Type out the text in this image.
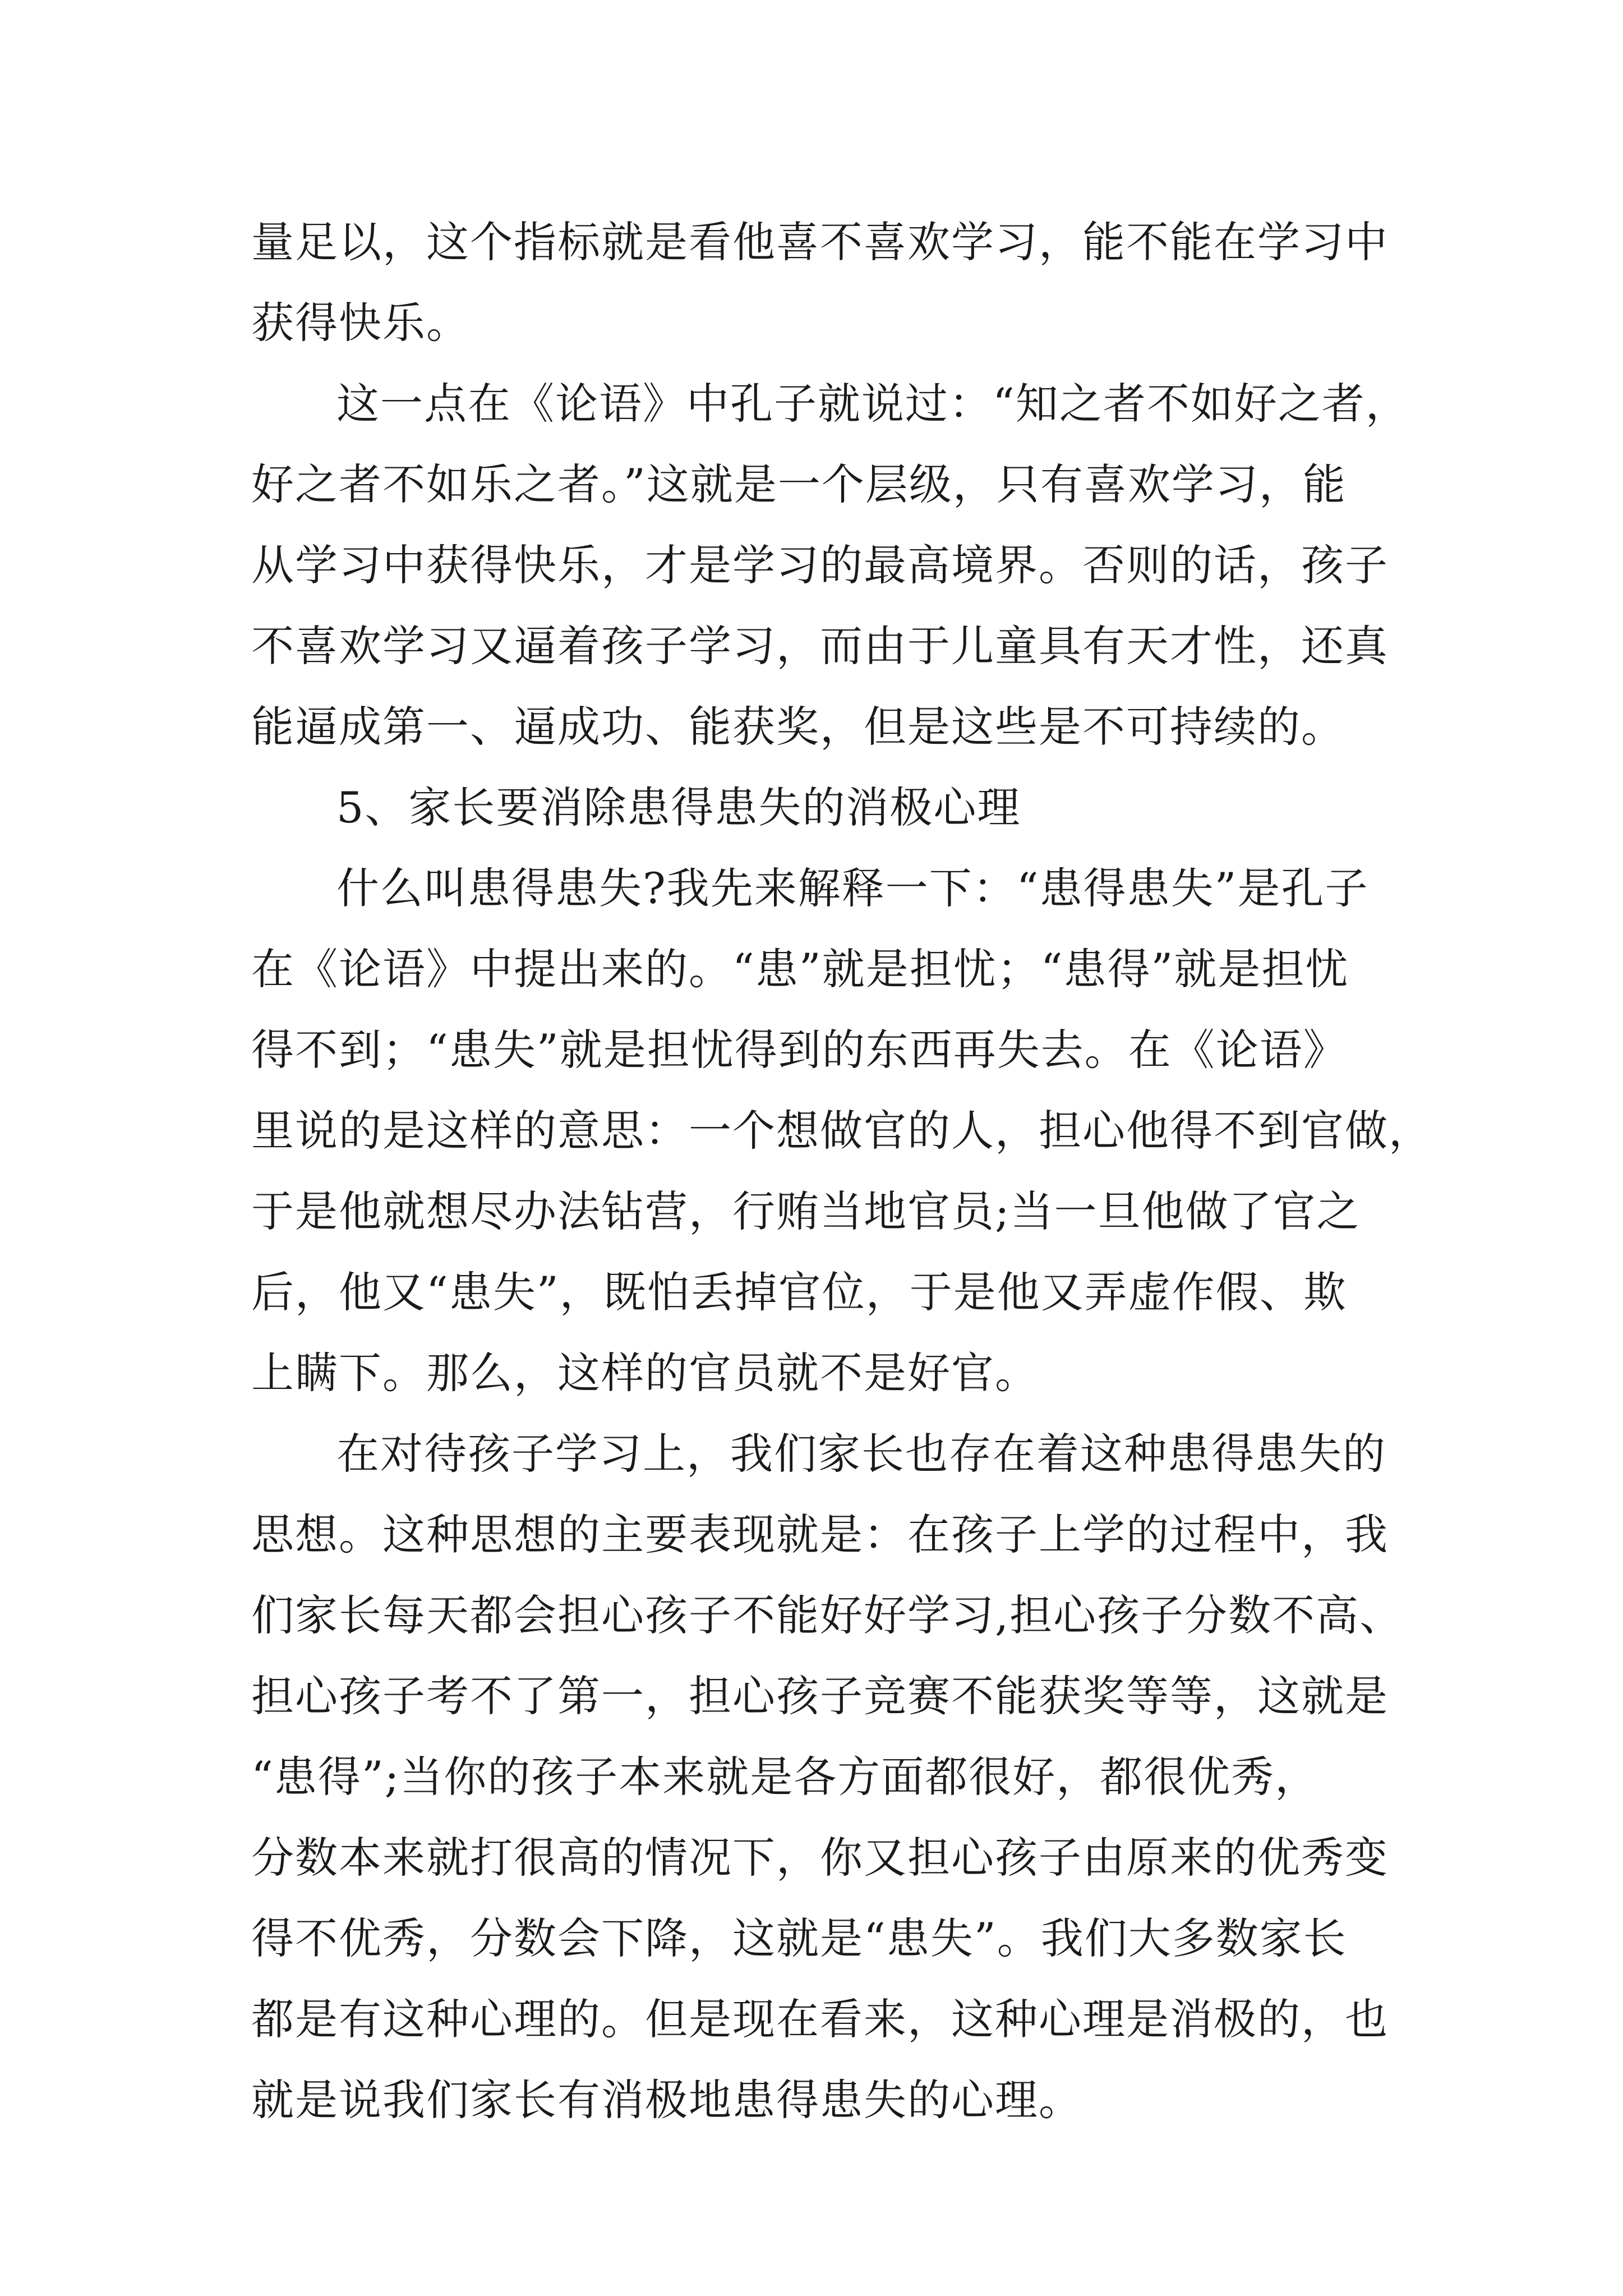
量足以，这个指标就是看他喜不喜欢学习，能不能在学习中
获得快乐。
这一点在《论语》中孔子就说过：“知之者不如好之者，
好之者不如乐之者。”这就是一个层级，只有喜欢学习，能
从学习中获得快乐，才是学习的最高境界。否则的话，孩子
不喜欢学习又逼着孩子学习，而由于儿童具有天才性，还真
能逼成第一、逼成功、能获奖，但是这些是不可持续的。
5、家长要消除患得患失的消极心理
什么叫患得患失?我先来解释一下：“患得患失”是孔子
在《论语》中提出来的。“患”就是担忧；“患得”就是担忧
得不到；“患失”就是担忧得到的东西再失去。在《论语》
里说的是这样的意思：一个想做官的人，担心他得不到官做，
于是他就想尽办法钻营，行贿当地官员;当一旦他做了官之
后，他又“患失”，既怕丢掉官位，于是他又弄虚作假、欺
上瞒下。那么，这样的官员就不是好官。
在对待孩子学习上，我们家长也存在着这种患得患失的
思想。这种思想的主要表现就是：在孩子上学的过程中，我
们家长每天都会担心孩子不能好好学习,担心孩子分数不高、
担心孩子考不了第一，担心孩子竞赛不能获奖等等，这就是
“患得”;当你的孩子本来就是各方面都很好，都很优秀，
分数本来就打很高的情况下，你又担心孩子由原来的优秀变
得不优秀，分数会下降，这就是“患失”。我们大多数家长
都是有这种心理的。但是现在看来，这种心理是消极的，也
就是说我们家长有消极地患得患失的心理。
